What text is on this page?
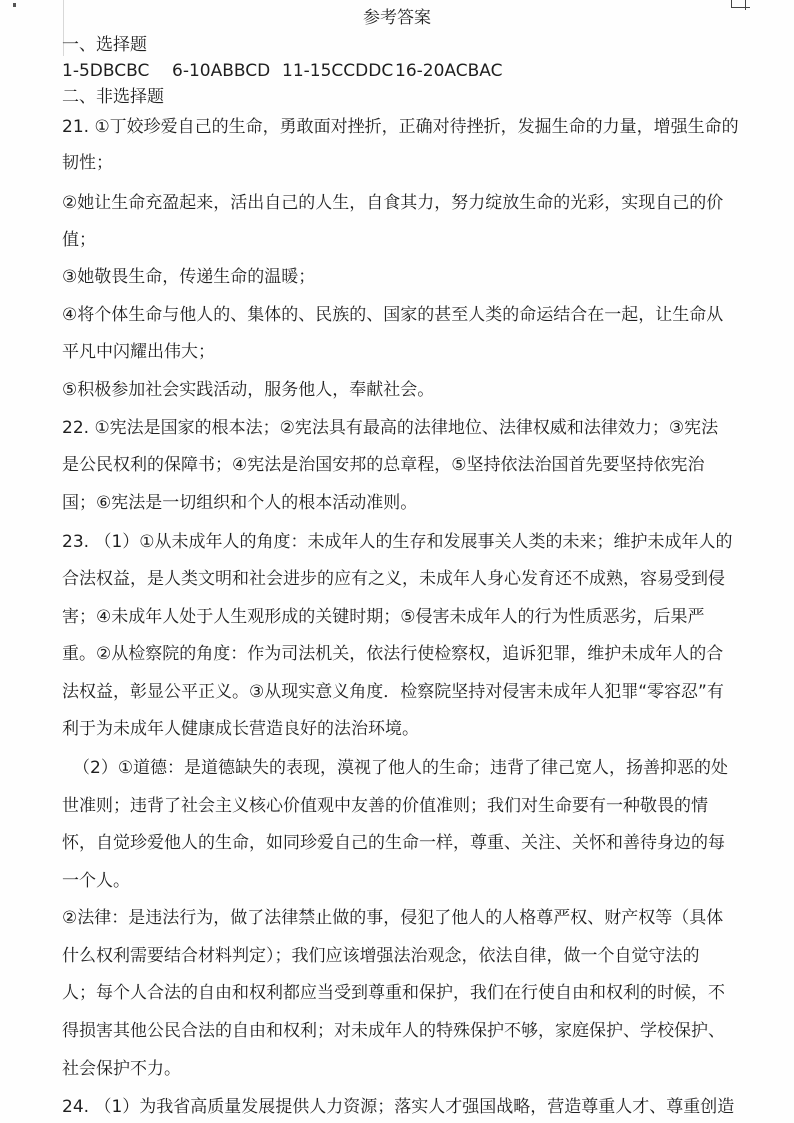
参考答案
一、选择题
1-5DBCBC 6-10ABBCD 11-15CCDDC 16-20ACBAC
二、非选择题
21. ①丁姣珍爱自己的生命，勇敢面对挫折，正确对待挫折，发掘生命的力量，增强生命的
韧性；
②她让生命充盈起来，活出自己的人生，自食其力，努力绽放生命的光彩，实现自己的价
值；
③她敬畏生命，传递生命的温暖；
④将个体生命与他人的、集体的、民族的、国家的甚至人类的命运结合在一起，让生命从
平凡中闪耀出伟大；
⑤积极参加社会实践活动，服务他人，奉献社会。
22. ①宪法是国家的根本法；②宪法具有最高的法律地位、法律权威和法律效力；③宪法
是公民权利的保障书；④宪法是治国安邦的总章程，⑤坚持依法治国首先要坚持依宪治
国；⑥宪法是一切组织和个人的根本活动准则。
23. （1）①从未成年人的角度：未成年人的生存和发展事关人类的未来；维护未成年人的
合法权益，是人类文明和社会进步的应有之义，未成年人身心发育还不成熟，容易受到侵
害；④未成年人处于人生观形成的关键时期；⑤侵害未成年人的行为性质恶劣，后果严
重。②从检察院的角度：作为司法机关，依法行使检察权，追诉犯罪，维护未成年人的合
法权益，彰显公平正义。③从现实意义角度．检察院坚持对侵害未成年人犯罪“零容忍”有
利于为未成年人健康成长营造良好的法治环境。
（2）①道德：是道德缺失的表现，漠视了他人的生命；违背了律己宽人，扬善抑恶的处
世准则；违背了社会主义核心价值观中友善的价值准则；我们对生命要有一种敬畏的情
怀，自觉珍爱他人的生命，如同珍爱自己的生命一样，尊重、关注、关怀和善待身边的每
一个人。
②法律：是违法行为，做了法律禁止做的事，侵犯了他人的人格尊严权、财产权等（具体
什么权利需要结合材料判定）；我们应该增强法治观念，依法自律，做一个自觉守法的
人；每个人合法的自由和权利都应当受到尊重和保护，我们在行使自由和权利的时候，不
得损害其他公民合法的自由和权利；对未成年人的特殊保护不够，家庭保护、学校保护、
社会保护不力。
24. （1）为我省高质量发展提供人力资源；落实人才强国战略，营造尊重人才、尊重创造
